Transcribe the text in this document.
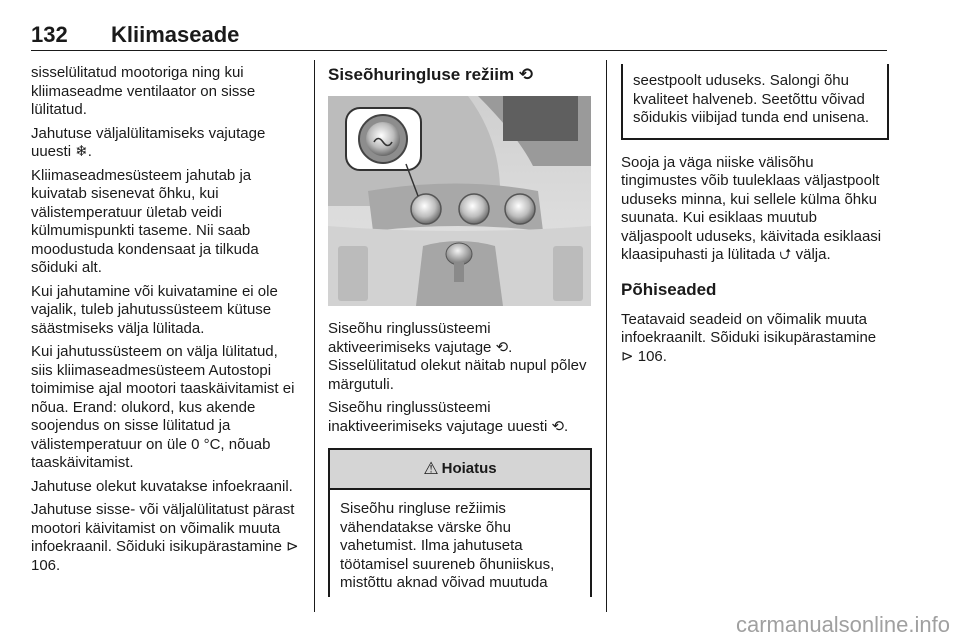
132 Kliimaseade

sisselülitatud mootoriga ning kui kliimaseadme ventilaator on sisse lülitatud.

Jahutuse väljalülitamiseks vajutage uuesti ❄.

Kliimaseadmesüsteem jahutab ja kuivatab sisenevat õhku, kui välistemperatuur ületab veidi külmumispunkti taseme. Nii saab moodustuda kondensaat ja tilkuda sõiduki alt.

Kui jahutamine või kuivatamine ei ole vajalik, tuleb jahutussüsteem kütuse säästmiseks välja lülitada.

Kui jahutussüsteem on välja lülitatud, siis kliimaseadmesüsteem Autostopi toimimise ajal mootori taaskäivitamist ei nõua. Erand: olukord, kus akende soojendus on sisse lülitatud ja välistemperatuur on üle 0 °C, nõuab taaskäivitamist.

Jahutuse olekut kuvatakse infoekraanil.

Jahutuse sisse- või väljalülitatust pärast mootori käivitamist on võimalik muuta infoekraanil. Sõiduki isikupärastamine ⊳ 106.

Siseõhuringluse režiim ⟲

Siseõhu ringlussüsteemi aktiveerimiseks vajutage ⟲. Sisselülitatud olekut näitab nupul põlev märgutuli.

Siseõhu ringlussüsteemi inaktiveerimiseks vajutage uuesti ⟲.

⚠ Hoiatus
Siseõhu ringluse režiimis vähendatakse värske õhu vahetumist. Ilma jahutuseta töötamisel suureneb õhuniiskus, mistõttu aknad võivad muutuda
seestpoolt uduseks. Salongi õhu kvaliteet halveneb. Seetõttu võivad sõidukis viibijad tunda end unisena.

Sooja ja väga niiske välisõhu tingimustes võib tuuleklaas väljastpoolt uduseks minna, kui sellele külma õhku suunata. Kui esiklaas muutub väljaspoolt uduseks, käivitada esiklaasi klaasipuhasti ja lülitada ⮍ välja.

Põhiseaded

Teatavaid seadeid on võimalik muuta infoekraanilt. Sõiduki isikupärastamine ⊳ 106.

carmanualsonline.info
